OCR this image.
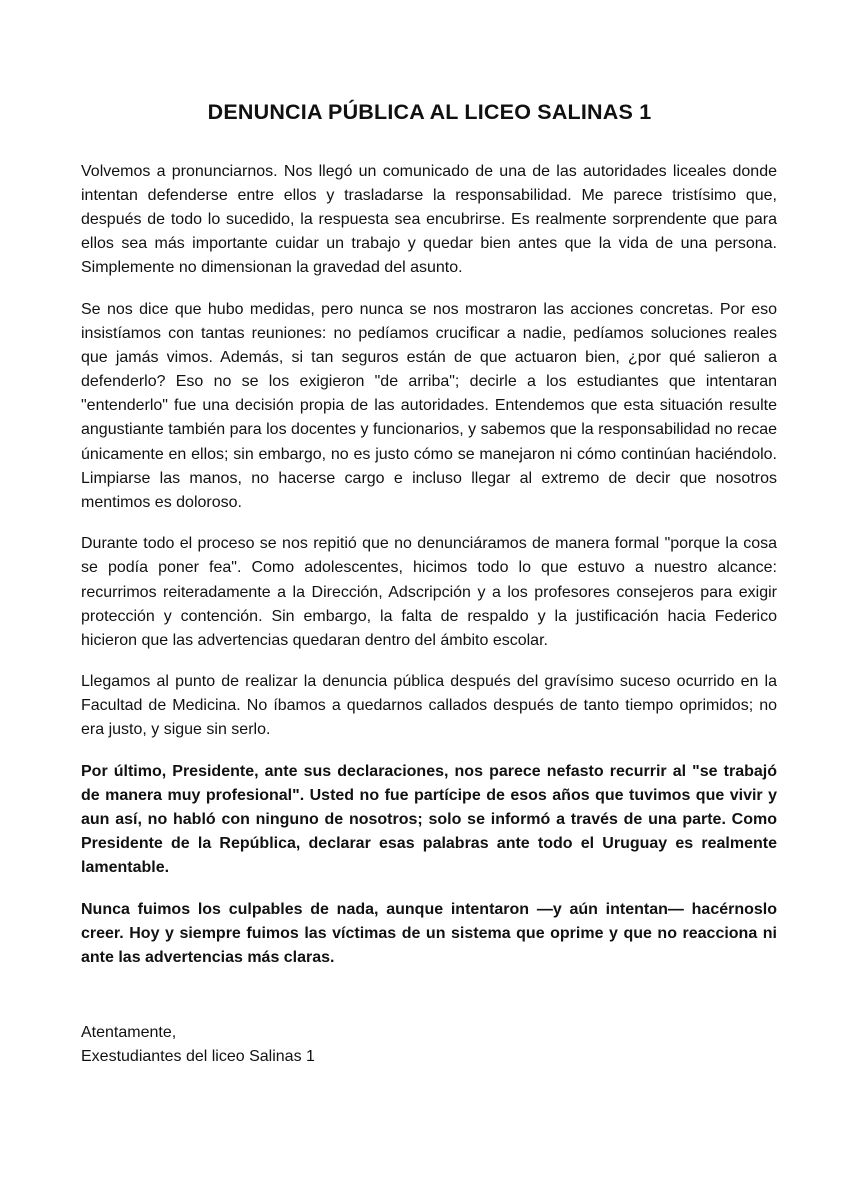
DENUNCIA PÚBLICA AL LICEO SALINAS 1

Volvemos a pronunciarnos. Nos llegó un comunicado de una de las autoridades liceales donde intentan defenderse entre ellos y trasladarse la responsabilidad. Me parece tristísimo que, después de todo lo sucedido, la respuesta sea encubrirse. Es realmente sorprendente que para ellos sea más importante cuidar un trabajo y quedar bien antes que la vida de una persona. Simplemente no dimensionan la gravedad del asunto.

Se nos dice que hubo medidas, pero nunca se nos mostraron las acciones concretas. Por eso insistíamos con tantas reuniones: no pedíamos crucificar a nadie, pedíamos soluciones reales que jamás vimos. Además, si tan seguros están de que actuaron bien, ¿por qué salieron a defenderlo? Eso no se los exigieron "de arriba"; decirle a los estudiantes que intentaran "entenderlo" fue una decisión propia de las autoridades. Entendemos que esta situación resulte angustiante también para los docentes y funcionarios, y sabemos que la responsabilidad no recae únicamente en ellos; sin embargo, no es justo cómo se manejaron ni cómo continúan haciéndolo. Limpiarse las manos, no hacerse cargo e incluso llegar al extremo de decir que nosotros mentimos es doloroso.

Durante todo el proceso se nos repitió que no denunciáramos de manera formal "porque la cosa se podía poner fea". Como adolescentes, hicimos todo lo que estuvo a nuestro alcance: recurrimos reiteradamente a la Dirección, Adscripción y a los profesores consejeros para exigir protección y contención. Sin embargo, la falta de respaldo y la justificación hacia Federico hicieron que las advertencias quedaran dentro del ámbito escolar.

Llegamos al punto de realizar la denuncia pública después del gravísimo suceso ocurrido en la Facultad de Medicina. No íbamos a quedarnos callados después de tanto tiempo oprimidos; no era justo, y sigue sin serlo.

Por último, Presidente, ante sus declaraciones, nos parece nefasto recurrir al "se trabajó de manera muy profesional". Usted no fue partícipe de esos años que tuvimos que vivir y aun así, no habló con ninguno de nosotros; solo se informó a través de una parte. Como Presidente de la República, declarar esas palabras ante todo el Uruguay es realmente lamentable.

Nunca fuimos los culpables de nada, aunque intentaron —y aún intentan— hacérnoslo creer. Hoy y siempre fuimos las víctimas de un sistema que oprime y que no reacciona ni ante las advertencias más claras.

Atentamente,
Exestudiantes del liceo Salinas 1
